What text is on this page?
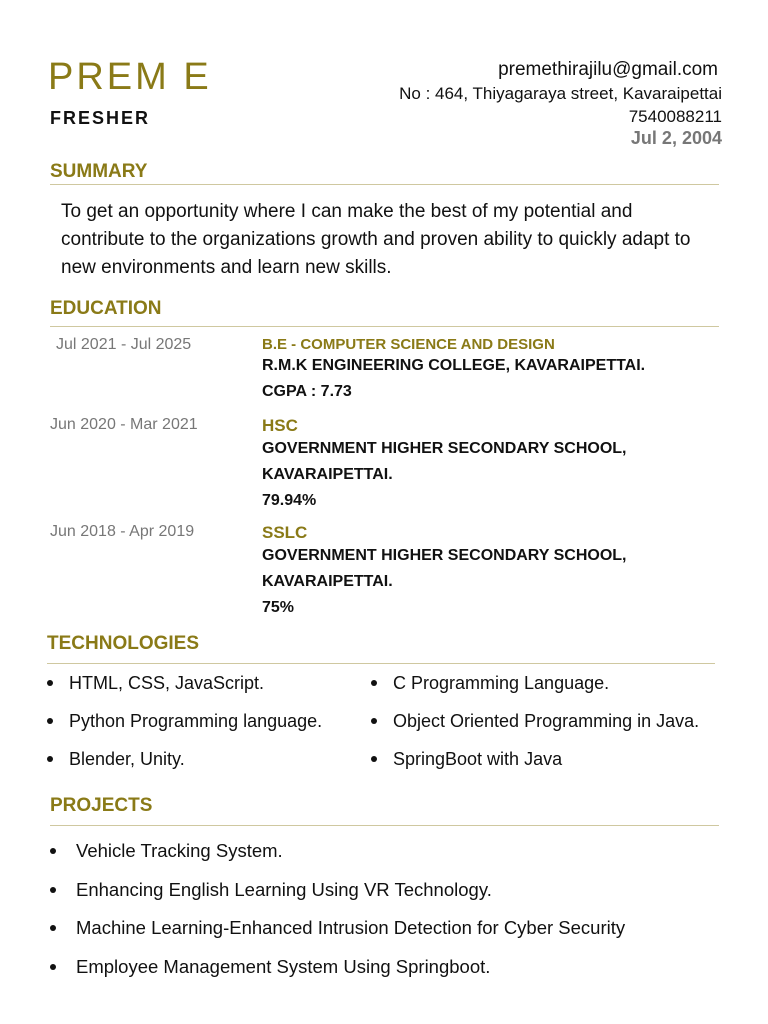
PREM E
FRESHER
premethirajilu@gmail.com
No : 464, Thiyagaraya street, Kavaraipettai
7540088211
Jul 2, 2004
SUMMARY
To get an opportunity where I can make the best of my potential and contribute to the organizations growth and proven ability to quickly adapt to new environments and learn new skills.
EDUCATION
Jul 2021 - Jul 2025	B.E - COMPUTER SCIENCE AND DESIGN
R.M.K ENGINEERING COLLEGE, KAVARAIPETTAI.
CGPA : 7.73
Jun 2020 - Mar 2021	HSC
GOVERNMENT HIGHER SECONDARY SCHOOL,
KAVARAIPETTAI.
79.94%
Jun 2018 - Apr 2019	SSLC
GOVERNMENT HIGHER SECONDARY SCHOOL,
KAVARAIPETTAI.
75%
TECHNOLOGIES
HTML, CSS, JavaScript.
Python Programming language.
Blender, Unity.
C Programming Language.
Object Oriented Programming in Java.
SpringBoot with Java
PROJECTS
Vehicle Tracking System.
Enhancing English Learning Using VR Technology.
Machine Learning-Enhanced Intrusion Detection for Cyber Security
Employee Management System Using Springboot.
